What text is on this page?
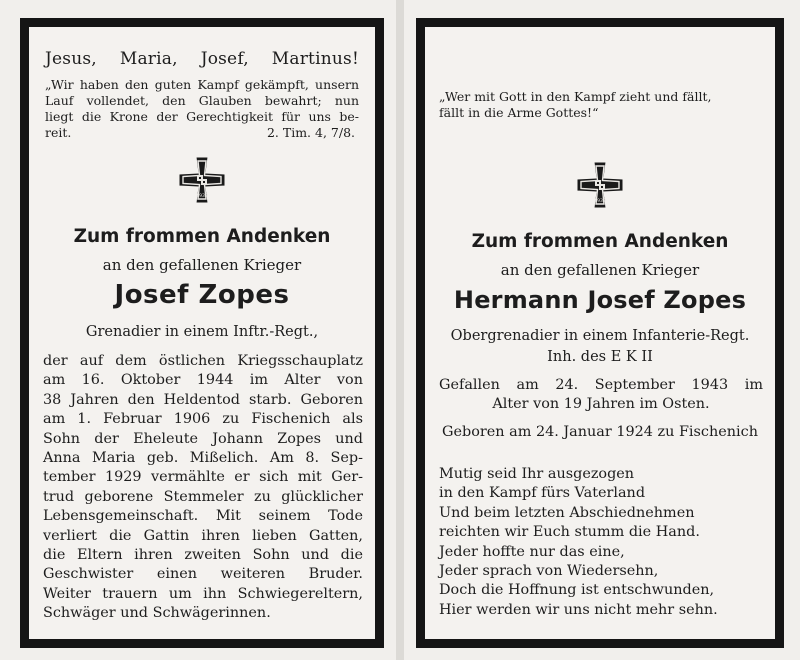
Jesus, Maria, Josef, Martinus!
„Wir haben den guten Kampf gekämpft, unsern
Lauf vollendet, den Glauben bewahrt; nun
liegt die Krone der Gerechtigkeit für uns be-
reit.	2. Tim. 4, 7/8.
1939
Zum frommen Andenken
an den gefallenen Krieger
Josef Zopes
Grenadier in einem Inftr.-Regt.,
der auf dem östlichen Kriegsschauplatz
am 16. Oktober 1944 im Alter von
38 Jahren den Heldentod starb. Geboren
am 1. Februar 1906 zu Fischenich als
Sohn der Eheleute Johann Zopes und
Anna Maria geb. Mißelich. Am 8. Sep-
tember 1929 vermählte er sich mit Ger-
trud geborene Stemmeler zu glücklicher
Lebensgemeinschaft. Mit seinem Tode
verliert die Gattin ihren lieben Gatten,
die Eltern ihren zweiten Sohn und die
Geschwister einen weiteren Bruder.
Weiter trauern um ihn Schwiegereltern,
Schwäger und Schwägerinnen.
„Wer mit Gott in den Kampf zieht und fällt,
fällt in die Arme Gottes!“
1939
Zum frommen Andenken
an den gefallenen Krieger
Hermann Josef Zopes
Obergrenadier in einem Infanterie-Regt.
Inh. des E K II
Gefallen am 24. September 1943 im
Alter von 19 Jahren im Osten.
Geboren am 24. Januar 1924 zu Fischenich
Mutig seid Ihr ausgezogen
in den Kampf fürs Vaterland
Und beim letzten Abschiednehmen
reichten wir Euch stumm die Hand.
Jeder hoffte nur das eine,
Jeder sprach von Wiedersehn,
Doch die Hoffnung ist entschwunden,
Hier werden wir uns nicht mehr sehn.
